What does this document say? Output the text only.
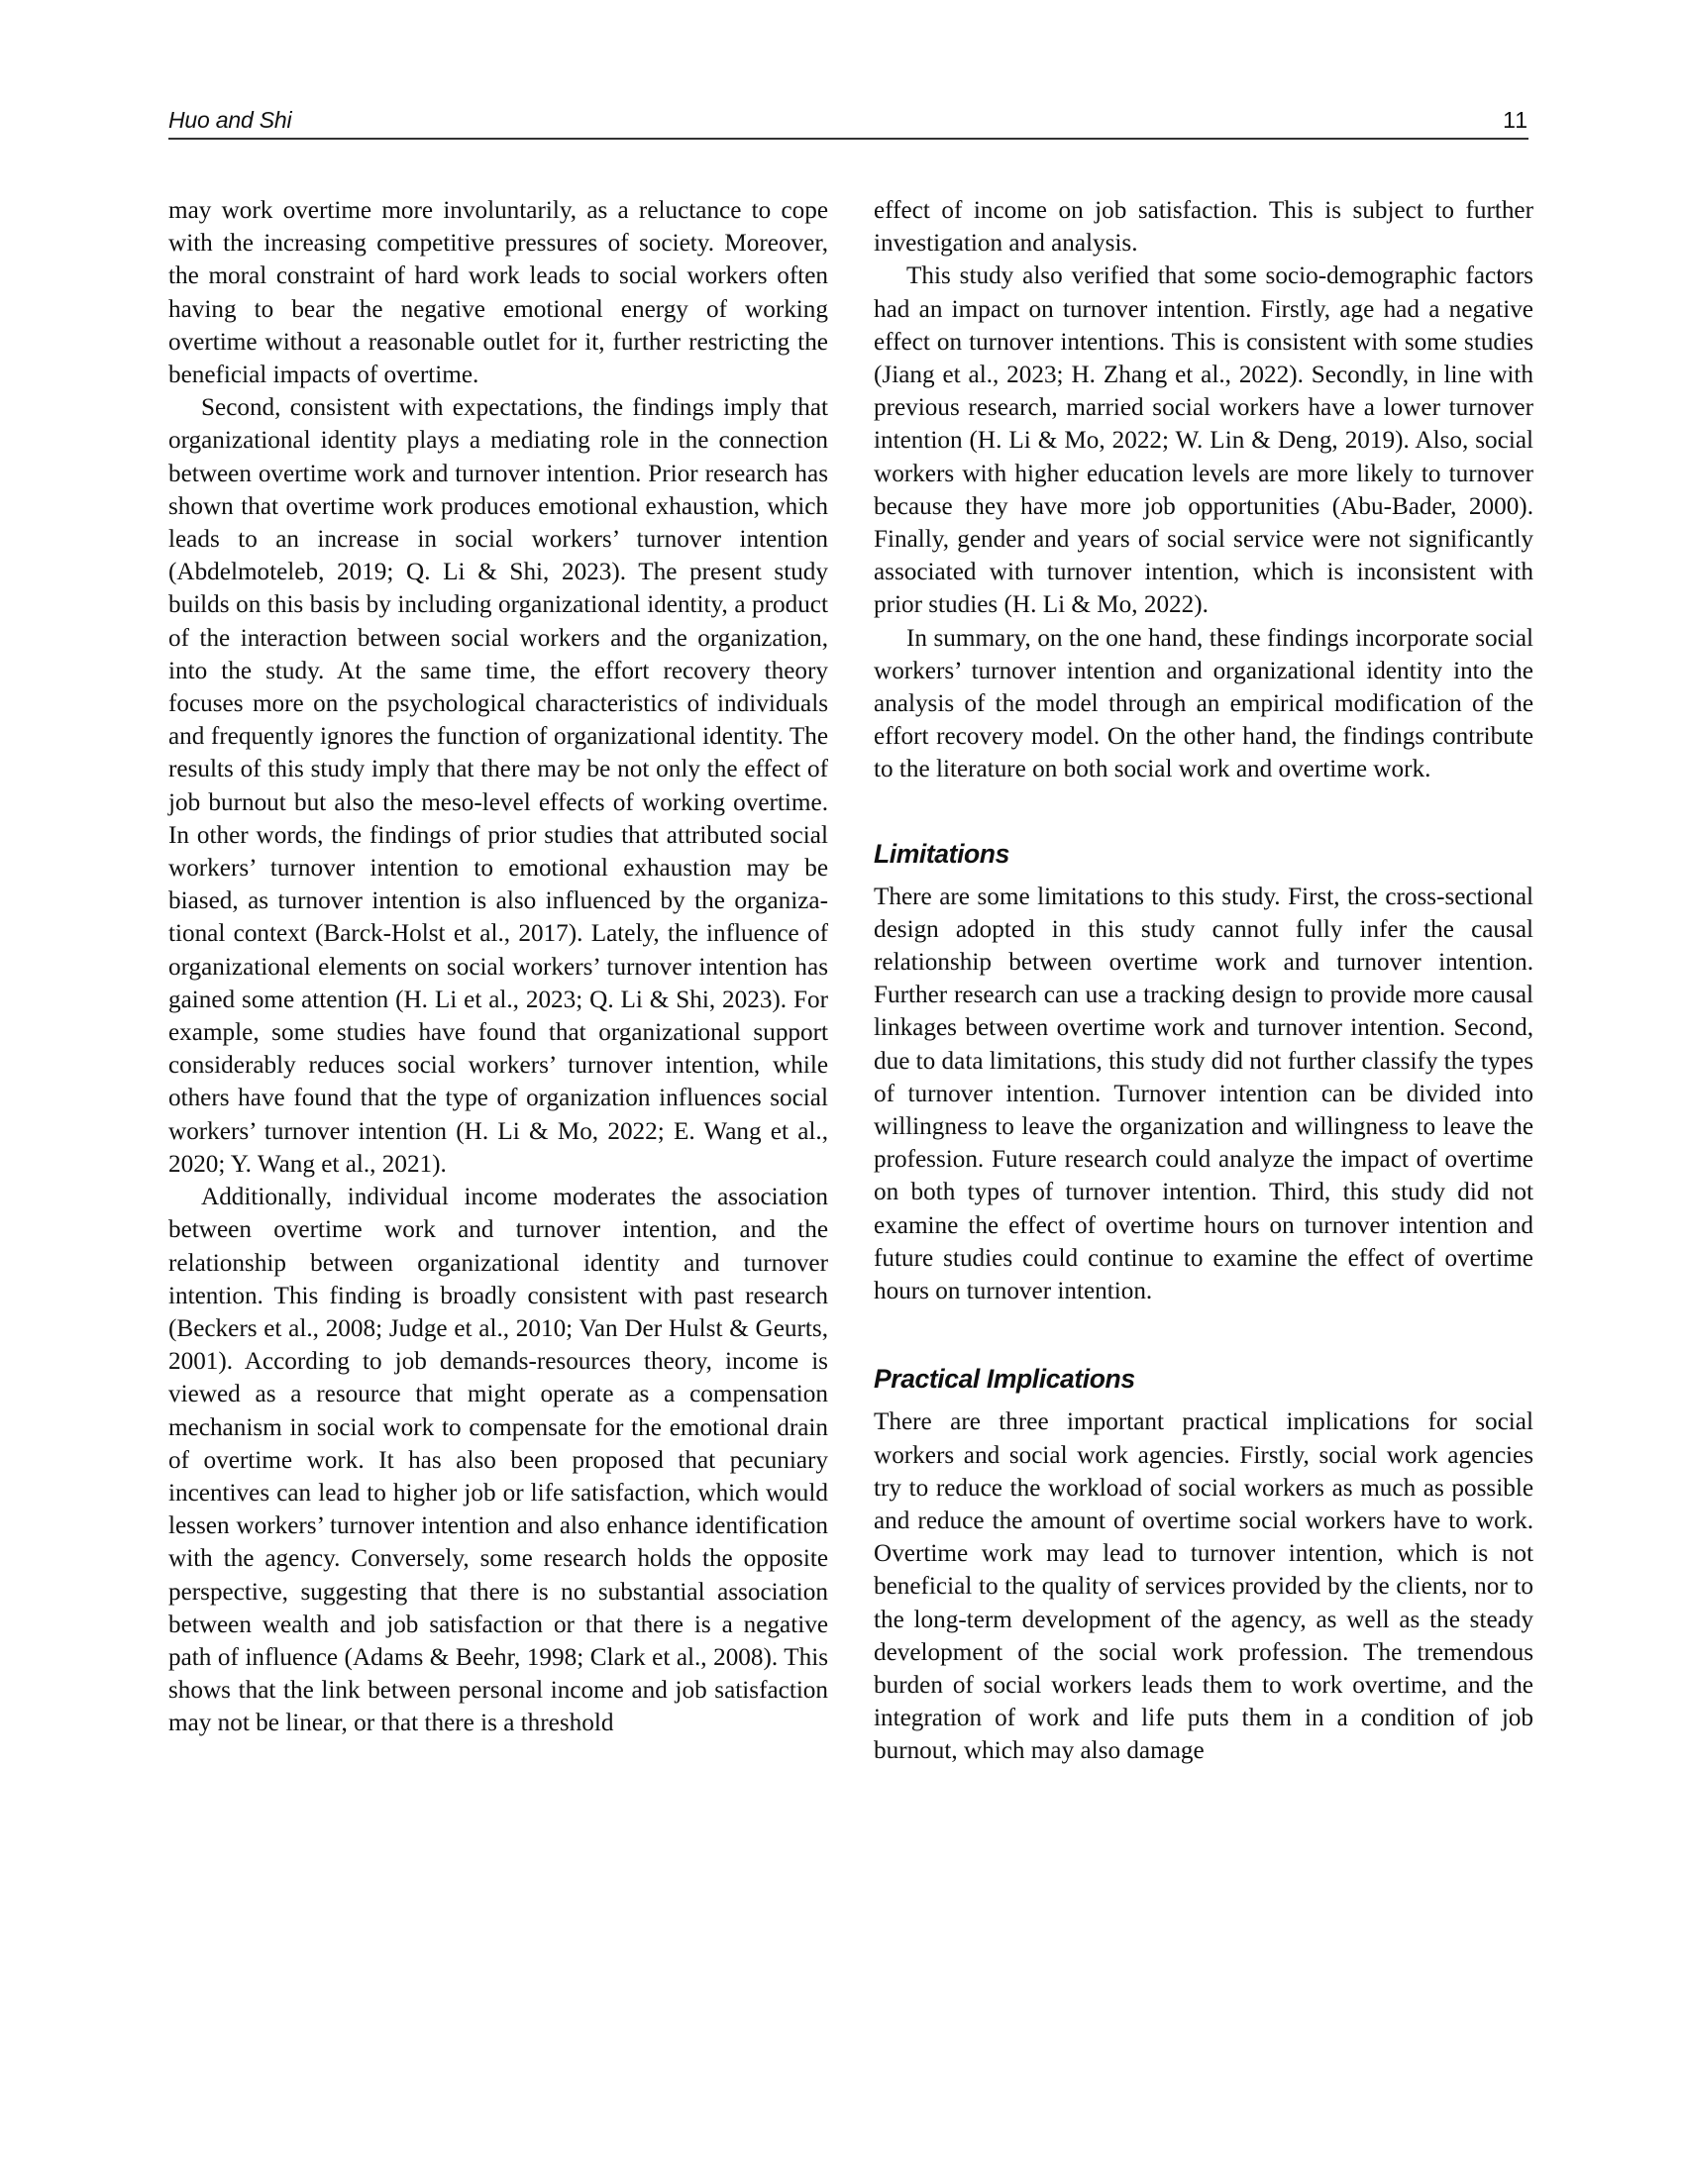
Huo and Shi	11

may work overtime more involuntarily, as a reluctance to cope with the increasing competitive pressures of society. Moreover, the moral constraint of hard work leads to social workers often having to bear the negative emotional energy of working overtime without a reasonable outlet for it, further restricting the beneficial impacts of overtime.

Second, consistent with expectations, the findings imply that organizational identity plays a mediating role in the connection between overtime work and turnover intention. Prior research has shown that overtime work produces emotional exhaustion, which leads to an increase in social workers’ turnover intention (Abdelmoteleb, 2019; Q. Li & Shi, 2023). The present study builds on this basis by including organizational identity, a product of the interaction between social workers and the organization, into the study. At the same time, the effort recovery theory focuses more on the psychological characteristics of individuals and frequently ignores the function of organizational identity. The results of this study imply that there may be not only the effect of job burnout but also the meso-level effects of working overtime. In other words, the findings of prior studies that attributed social workers’ turnover intention to emotional exhaustion may be biased, as turnover intention is also influenced by the organizational context (Barck-Holst et al., 2017). Lately, the influence of organizational elements on social workers’ turnover intention has gained some attention (H. Li et al., 2023; Q. Li & Shi, 2023). For example, some studies have found that organizational support considerably reduces social workers’ turnover intention, while others have found that the type of organization influences social workers’ turnover intention (H. Li & Mo, 2022; E. Wang et al., 2020; Y. Wang et al., 2021).

Additionally, individual income moderates the association between overtime work and turnover intention, and the relationship between organizational identity and turnover intention. This finding is broadly consistent with past research (Beckers et al., 2008; Judge et al., 2010; Van Der Hulst & Geurts, 2001). According to job demands-resources theory, income is viewed as a resource that might operate as a compensation mechanism in social work to compensate for the emotional drain of overtime work. It has also been proposed that pecuniary incentives can lead to higher job or life satisfaction, which would lessen workers’ turnover intention and also enhance identification with the agency. Conversely, some research holds the opposite perspective, suggesting that there is no substantial association between wealth and job satisfaction or that there is a negative path of influence (Adams & Beehr, 1998; Clark et al., 2008). This shows that the link between personal income and job satisfaction may not be linear, or that there is a threshold

effect of income on job satisfaction. This is subject to further investigation and analysis.

This study also verified that some socio-demographic factors had an impact on turnover intention. Firstly, age had a negative effect on turnover intentions. This is consistent with some studies (Jiang et al., 2023; H. Zhang et al., 2022). Secondly, in line with previous research, married social workers have a lower turnover intention (H. Li & Mo, 2022; W. Lin & Deng, 2019). Also, social workers with higher education levels are more likely to turnover because they have more job opportunities (Abu-Bader, 2000). Finally, gender and years of social service were not significantly associated with turnover intention, which is inconsistent with prior studies (H. Li & Mo, 2022).

In summary, on the one hand, these findings incorporate social workers’ turnover intention and organizational identity into the analysis of the model through an empirical modification of the effort recovery model. On the other hand, the findings contribute to the literature on both social work and overtime work.

Limitations

There are some limitations to this study. First, the cross-sectional design adopted in this study cannot fully infer the causal relationship between overtime work and turnover intention. Further research can use a tracking design to provide more causal linkages between overtime work and turnover intention. Second, due to data limitations, this study did not further classify the types of turnover intention. Turnover intention can be divided into willingness to leave the organization and willingness to leave the profession. Future research could analyze the impact of overtime on both types of turnover intention. Third, this study did not examine the effect of overtime hours on turnover intention and future studies could continue to examine the effect of overtime hours on turnover intention.

Practical Implications

There are three important practical implications for social workers and social work agencies. Firstly, social work agencies try to reduce the workload of social workers as much as possible and reduce the amount of overtime social workers have to work. Overtime work may lead to turnover intention, which is not beneficial to the quality of services provided by the clients, nor to the long-term development of the agency, as well as the steady development of the social work profession. The tremendous burden of social workers leads them to work overtime, and the integration of work and life puts them in a condition of job burnout, which may also damage
